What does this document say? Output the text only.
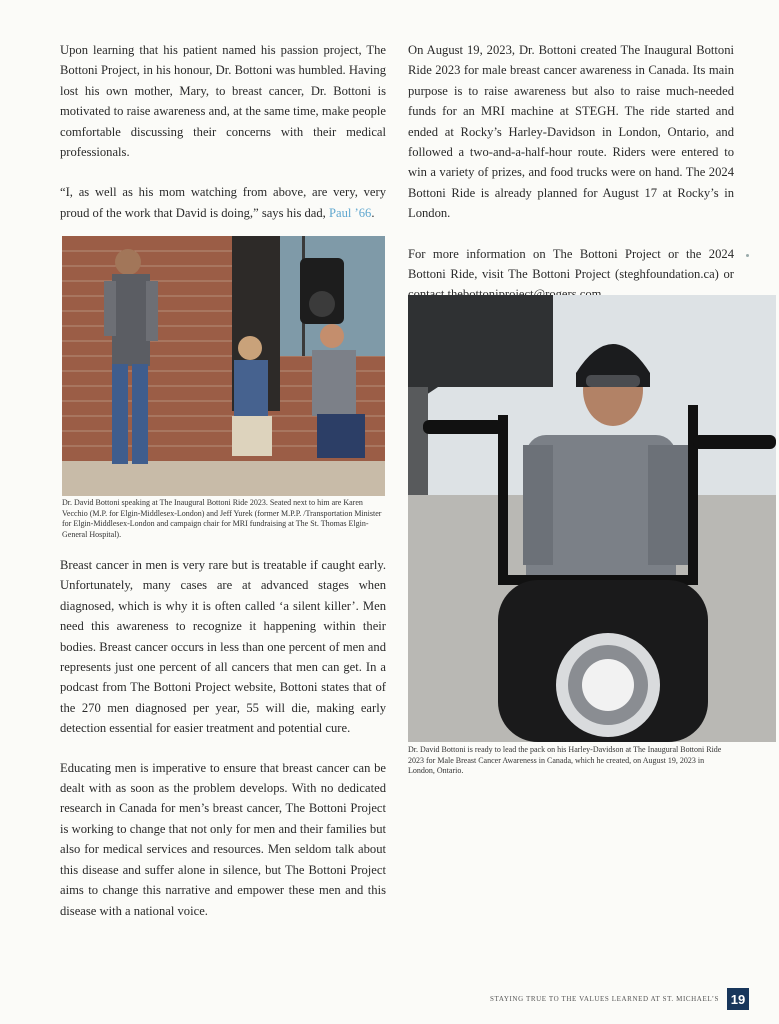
Upon learning that his patient named his passion project, The Bottoni Project, in his honour, Dr. Bottoni was humbled. Having lost his own mother, Mary, to breast cancer, Dr. Bottoni is motivated to raise awareness and, at the same time, make people comfortable discussing their concerns with their medical professionals.

“I, as well as his mom watching from above, are very, very proud of the work that David is doing,” says his dad, Paul ’66.

Dr. David Bottoni speaking at The Inaugural Bottoni Ride 2023. Seated next to him are Karen Vecchio (M.P. for Elgin-Middlesex-London) and Jeff Yurek (former M.P.P. /Transportation Minister for Elgin-Middlesex-London and campaign chair for MRI fundraising at The St. Thomas Elgin-General Hospital).

Breast cancer in men is very rare but is treatable if caught early. Unfortunately, many cases are at advanced stages when diagnosed, which is why it is often called ‘a silent killer’. Men need this awareness to recognize it happening within their bodies. Breast cancer occurs in less than one percent of men and represents just one percent of all cancers that men can get. In a podcast from The Bottoni Project website, Bottoni states that of the 270 men diagnosed per year, 55 will die, making early detection essential for easier treatment and potential cure.

Educating men is imperative to ensure that breast cancer can be dealt with as soon as the problem develops. With no dedicated research in Canada for men’s breast cancer, The Bottoni Project is working to change that not only for men and their families but also for medical services and resources. Men seldom talk about this disease and suffer alone in silence, but The Bottoni Project aims to change this narrative and empower these men and this disease with a national voice.

On August 19, 2023, Dr. Bottoni created The Inaugural Bottoni Ride 2023 for male breast cancer awareness in Canada. Its main purpose is to raise awareness but also to raise much-needed funds for an MRI machine at STEGH. The ride started and ended at Rocky’s Harley-Davidson in London, Ontario, and followed a two-and-a-half-hour route. Riders were entered to win a variety of prizes, and food trucks were on hand. The 2024 Bottoni Ride is already planned for August 17 at Rocky’s in London.

For more information on The Bottoni Project or the 2024 Bottoni Ride, visit The Bottoni Project (steghfoundation.ca) or

Dr. David Bottoni is ready to lead the pack on his Harley-Davidson at The Inaugural Bottoni Ride 2023 for Male Breast Cancer Awareness in Canada, which he created, on August 19, 2023 in London, Ontario.

STAYING TRUE TO THE VALUES LEARNED AT ST. MICHAEL’S 19
